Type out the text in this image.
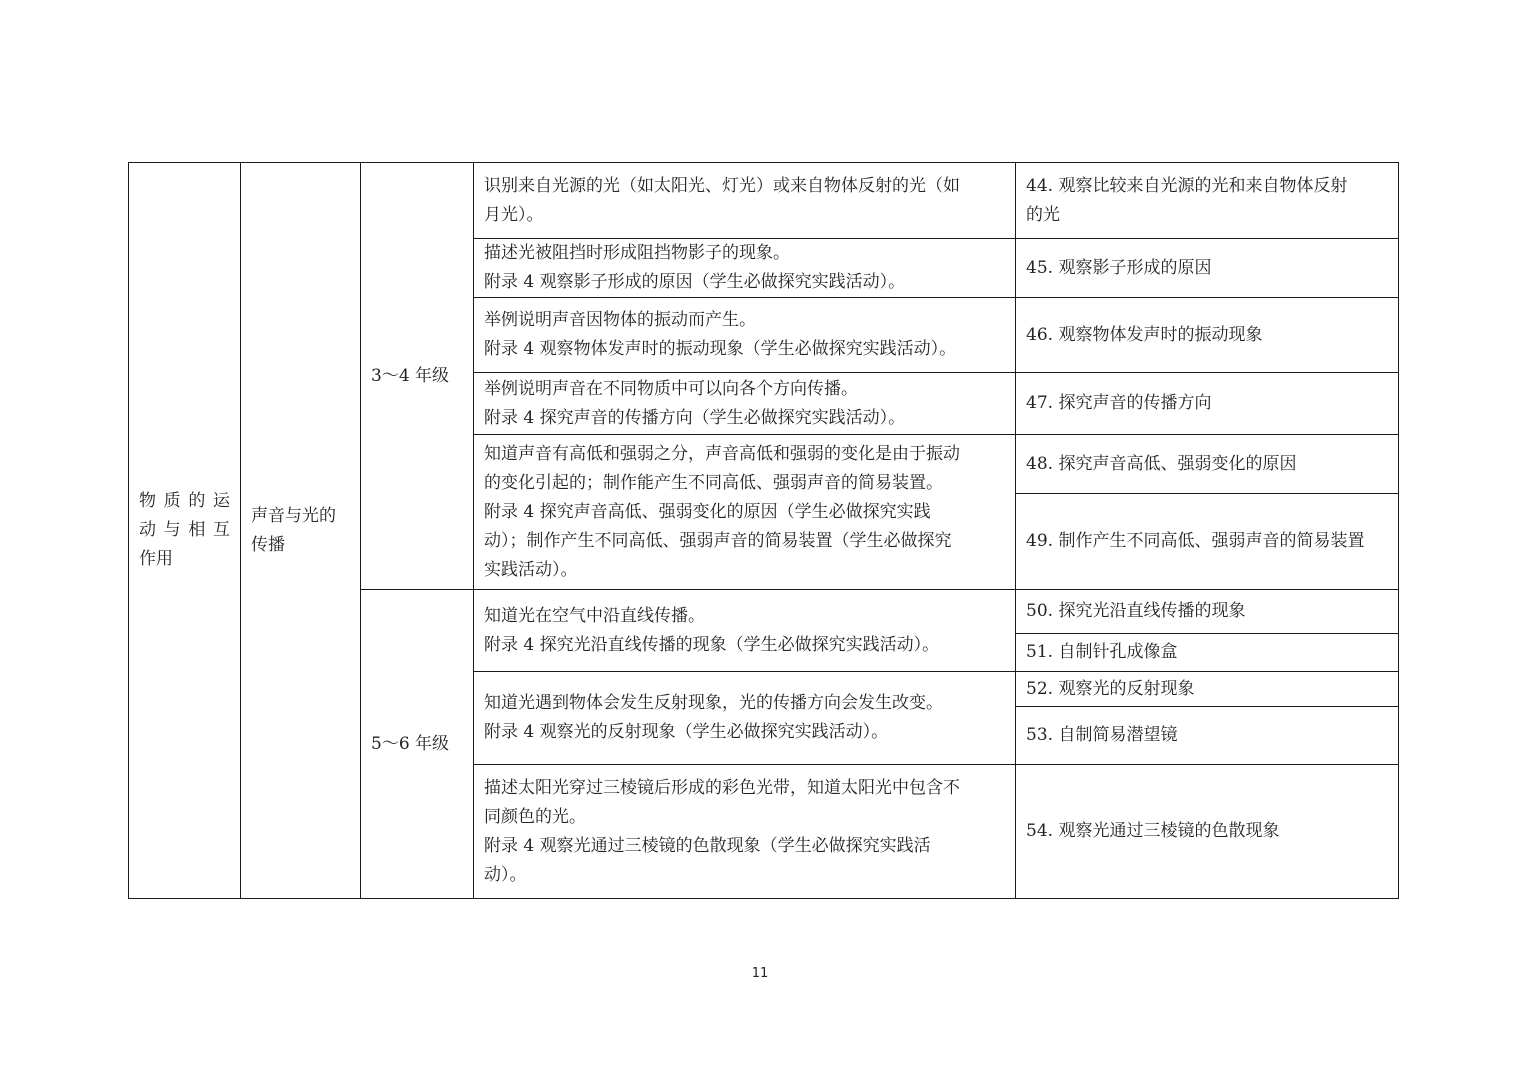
物质的运
动与相互
作用	声音与光的
传播	3～4 年级	识别来自光源的光（如太阳光、灯光）或来自物体反射的光（如
月光）。	44. 观察比较来自光源的光和来自物体反射
的光

			描述光被阻挡时形成阻挡物影子的现象。
附录 4 观察影子形成的原因（学生必做探究实践活动）。	45. 观察影子形成的原因

			举例说明声音因物体的振动而产生。
附录 4 观察物体发声时的振动现象（学生必做探究实践活动）。	46. 观察物体发声时的振动现象

			举例说明声音在不同物质中可以向各个方向传播。
附录 4 探究声音的传播方向（学生必做探究实践活动）。	47. 探究声音的传播方向

			知道声音有高低和强弱之分，声音高低和强弱的变化是由于振动
的变化引起的；制作能产生不同高低、强弱声音的简易装置。
附录 4 探究声音高低、强弱变化的原因（学生必做探究实践
动）；制作产生不同高低、强弱声音的简易装置（学生必做探究
实践活动）。	48. 探究声音高低、强弱变化的原因
				49. 制作产生不同高低、强弱声音的简易装置
		5～6 年级	知道光在空气中沿直线传播。
附录 4 探究光沿直线传播的现象（学生必做探究实践活动）。	50. 探究光沿直线传播的现象
				51. 自制针孔成像盒

			知道光遇到物体会发生反射现象，光的传播方向会发生改变。
附录 4 观察光的反射现象（学生必做探究实践活动）。	52. 观察光的反射现象
				53. 自制简易潜望镜

			描述太阳光穿过三棱镜后形成的彩色光带，知道太阳光中包含不
同颜色的光。
附录 4 观察光通过三棱镜的色散现象（学生必做探究实践活
动）。	54. 观察光通过三棱镜的色散现象
11
